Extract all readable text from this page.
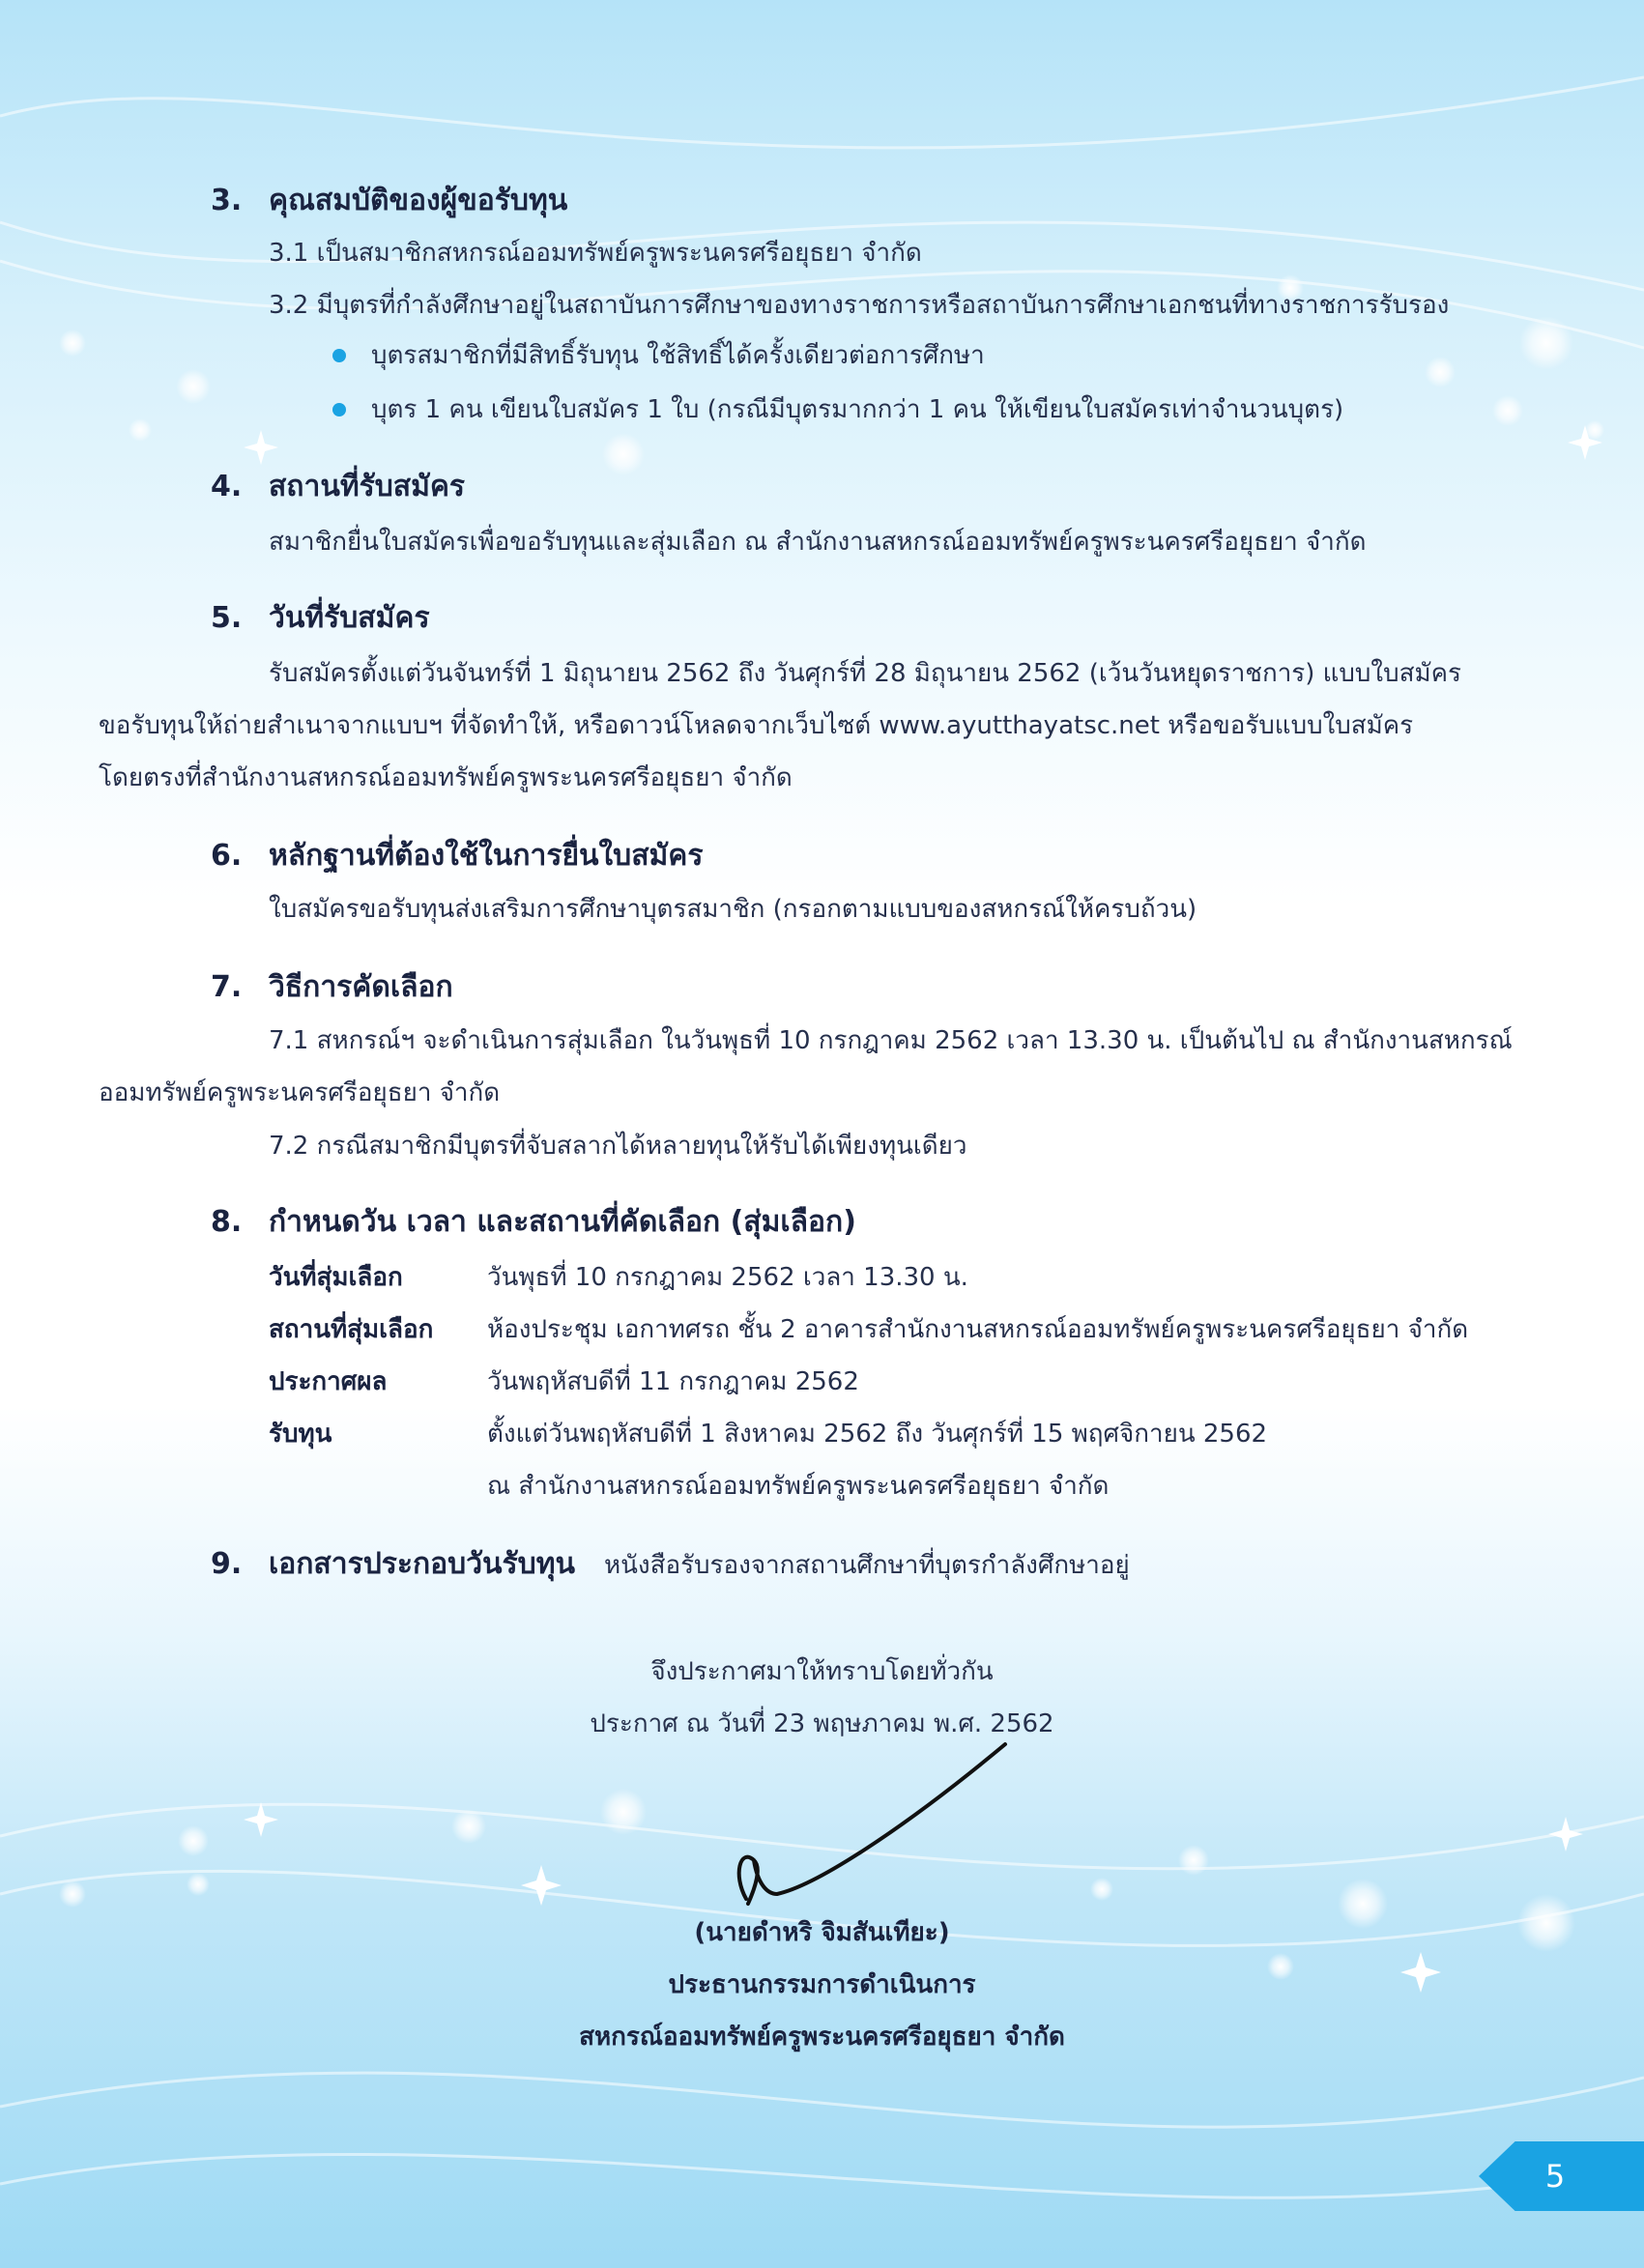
3. คุณสมบัติของผู้ขอรับทุน
3.1 เป็นสมาชิกสหกรณ์ออมทรัพย์ครูพระนครศรีอยุธยา จำกัด
3.2 มีบุตรที่กำลังศึกษาอยู่ในสถาบันการศึกษาของทางราชการหรือสถาบันการศึกษาเอกชนที่ทางราชการรับรอง
บุตรสมาชิกที่มีสิทธิ์รับทุน ใช้สิทธิ์ได้ครั้งเดียวต่อการศึกษา
บุตร 1 คน เขียนใบสมัคร 1 ใบ (กรณีมีบุตรมากกว่า 1 คน ให้เขียนใบสมัครเท่าจำนวนบุตร)
4. สถานที่รับสมัคร
สมาชิกยื่นใบสมัครเพื่อขอรับทุนและสุ่มเลือก ณ สำนักงานสหกรณ์ออมทรัพย์ครูพระนครศรีอยุธยา จำกัด
5. วันที่รับสมัคร
รับสมัครตั้งแต่วันจันทร์ที่ 1 มิถุนายน 2562 ถึง วันศุกร์ที่ 28 มิถุนายน 2562 (เว้นวันหยุดราชการ) แบบใบสมัคร
ขอรับทุนให้ถ่ายสำเนาจากแบบฯ ที่จัดทำให้, หรือดาวน์โหลดจากเว็บไซต์ www.ayutthayatsc.net หรือขอรับแบบใบสมัคร
โดยตรงที่สำนักงานสหกรณ์ออมทรัพย์ครูพระนครศรีอยุธยา จำกัด
6. หลักฐานที่ต้องใช้ในการยื่นใบสมัคร
ใบสมัครขอรับทุนส่งเสริมการศึกษาบุตรสมาชิก (กรอกตามแบบของสหกรณ์ให้ครบถ้วน)
7. วิธีการคัดเลือก
7.1 สหกรณ์ฯ จะดำเนินการสุ่มเลือก ในวันพุธที่ 10 กรกฎาคม 2562 เวลา 13.30 น. เป็นต้นไป ณ สำนักงานสหกรณ์
ออมทรัพย์ครูพระนครศรีอยุธยา จำกัด
7.2 กรณีสมาชิกมีบุตรที่จับสลากได้หลายทุนให้รับได้เพียงทุนเดียว
8. กำหนดวัน เวลา และสถานที่คัดเลือก (สุ่มเลือก)
วันที่สุ่มเลือก	วันพุธที่ 10 กรกฎาคม 2562 เวลา 13.30 น.
สถานที่สุ่มเลือก ห้องประชุม เอกาทศรถ ชั้น 2 อาคารสำนักงานสหกรณ์ออมทรัพย์ครูพระนครศรีอยุธยา จำกัด
ประกาศผล	วันพฤหัสบดีที่ 11 กรกฎาคม 2562
รับทุน	ตั้งแต่วันพฤหัสบดีที่ 1 สิงหาคม 2562 ถึง วันศุกร์ที่ 15 พฤศจิกายน 2562
ณ สำนักงานสหกรณ์ออมทรัพย์ครูพระนครศรีอยุธยา จำกัด
9. เอกสารประกอบวันรับทุน หนังสือรับรองจากสถานศึกษาที่บุตรกำลังศึกษาอยู่
จึงประกาศมาให้ทราบโดยทั่วกัน
ประกาศ ณ วันที่ 23 พฤษภาคม พ.ศ. 2562
(นายดำหริ จิมสันเทียะ)
ประธานกรรมการดำเนินการ
สหกรณ์ออมทรัพย์ครูพระนครศรีอยุธยา จำกัด
5
